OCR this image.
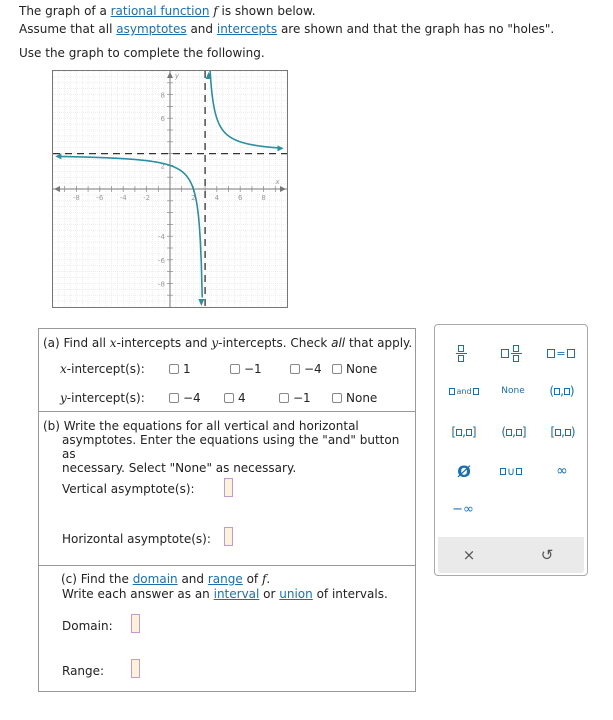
The graph of a rational function f is shown below.
Assume that all asymptotes and intercepts are shown and that the graph has no "holes".
Use the graph to complete the following.
-8 -6 -4 -2	2	4	6	8
8
6
2
-4
-6
-8
x
y
(a) Find all x-intercepts and y-intercepts. Check all that apply.
x-intercept(s):	1	−1	−4	None
y-intercept(s):	−4	4	−1	None
(b) Write the equations for all vertical and horizontal
asymptotes. Enter the equations using the "and" button as
necessary. Select "None" as necessary.
Vertical asymptote(s):
Horizontal asymptote(s):
(c) Find the domain and range of f.
Write each answer as an interval or union of intervals.
Domain:
Range:
=
and	None	( , )
[ , ]	( , ]	[ , )
Ø	∪	∞
−∞
×	↺
